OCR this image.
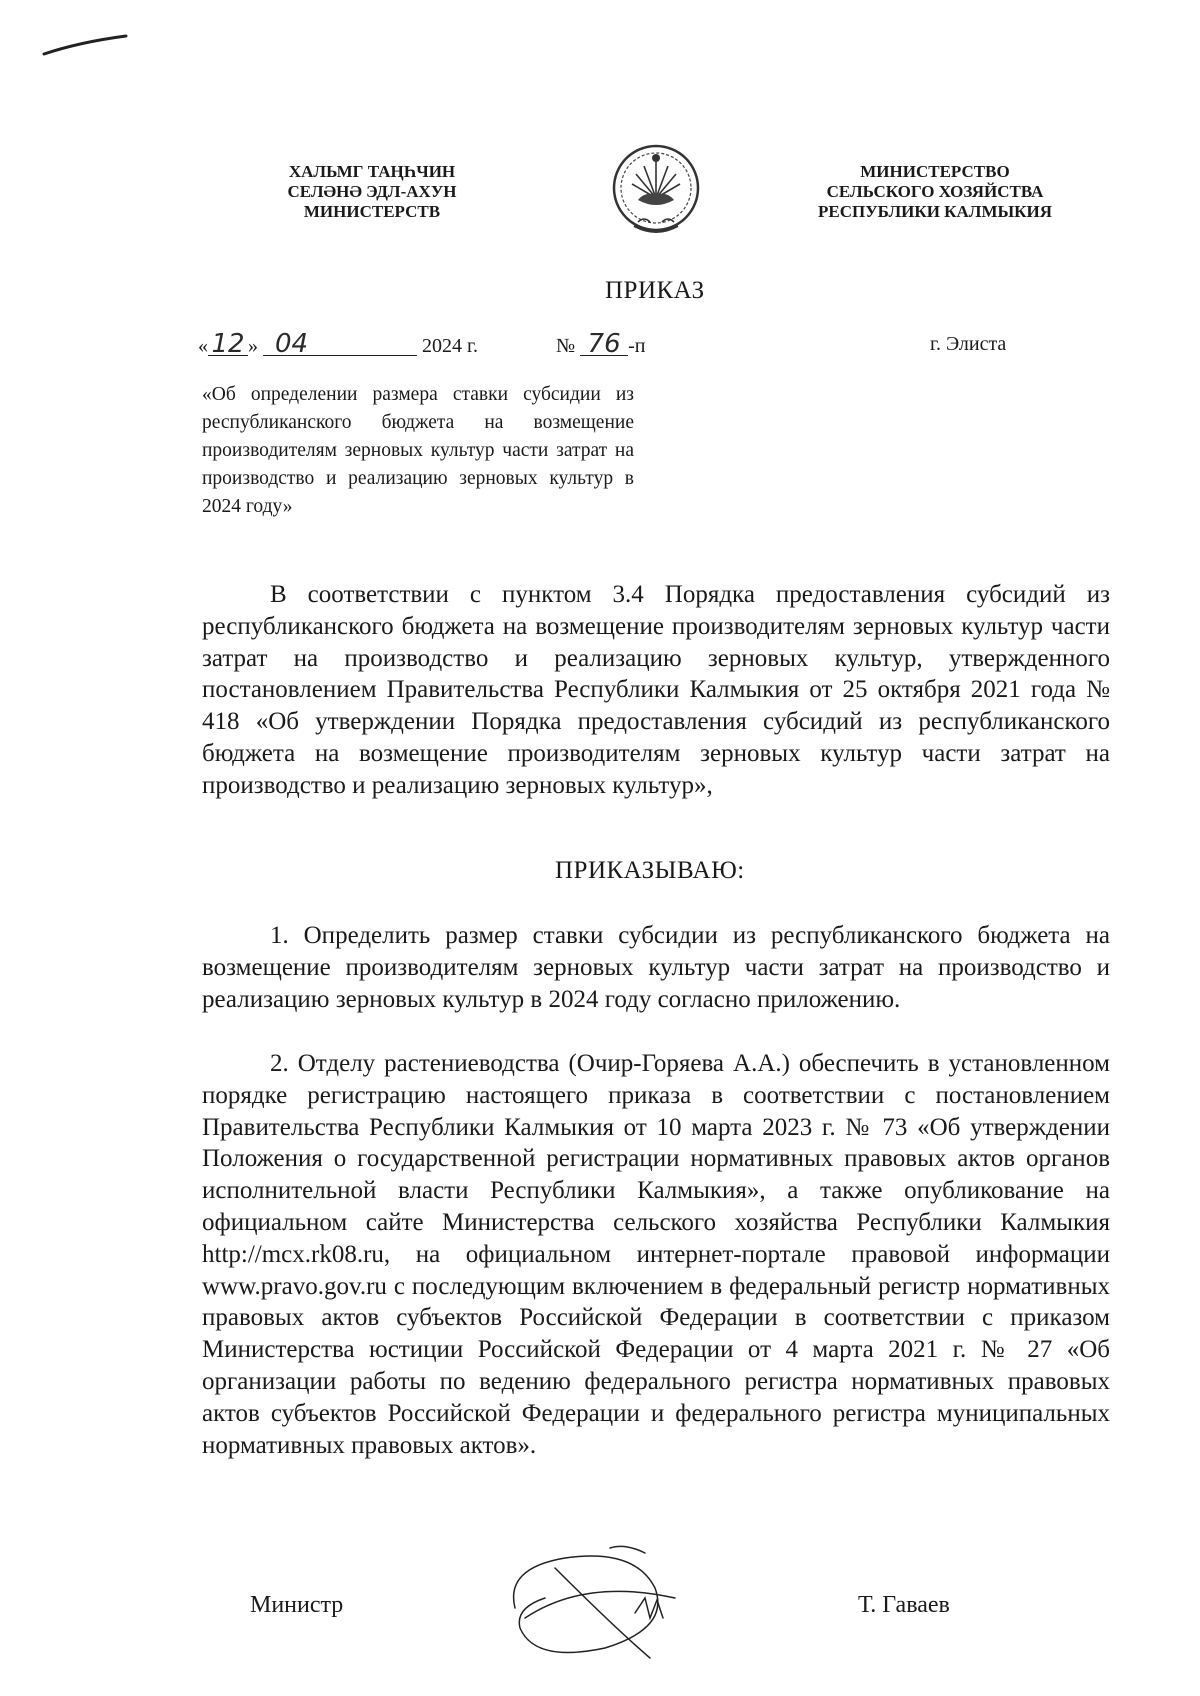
ХАЛЬМГ ТАҢҺЧИН
СЕЛӘНӘ ЭДЛ-АХУН
МИНИСТЕРСТВ
МИНИСТЕРСТВО
СЕЛЬСКОГО ХОЗЯЙСТВА
РЕСПУБЛИКИ КАЛМЫКИЯ
ПРИКАЗ
« 12 » 04	2024 г.	№ 76 -п	г. Элиста
«Об определении размера ставки субсидии из республиканского бюджета на возмещение производителям зерновых культур части затрат на производство и реализацию зерновых культур в 2024 году»

В соответствии с пунктом 3.4 Порядка предоставления субсидий из республиканского бюджета на возмещение производителям зерновых культур части затрат на производство и реализацию зерновых культур, утвержденного постановлением Правительства Республики Калмыкия от 25 октября 2021 года № 418 «Об утверждении Порядка предоставления субсидий из республиканского бюджета на возмещение производителям зерновых культур части затрат на производство и реализацию зерновых культур»,

ПРИКАЗЫВАЮ:

1. Определить размер ставки субсидии из республиканского бюджета на возмещение производителям зерновых культур части затрат на производство и реализацию зерновых культур в 2024 году согласно приложению.

2. Отделу растениеводства (Очир-Горяева А.А.) обеспечить в установленном порядке регистрацию настоящего приказа в соответствии с постановлением Правительства Республики Калмыкия от 10 марта 2023 г. № 73 «Об утверждении Положения о государственной регистрации нормативных правовых актов органов исполнительной власти Республики Калмыкия», а также опубликование на официальном сайте Министерства сельского хозяйства Республики Калмыкия http://mcx.rk08.ru, на официальном интернет-портале правовой информации www.pravo.gov.ru с последующим включением в федеральный регистр нормативных правовых актов субъектов Российской Федерации в соответствии с приказом Министерства юстиции Российской Федерации от 4 марта 2021 г. № 27 «Об организации работы по ведению федерального регистра нормативных правовых актов субъектов Российской Федерации и федерального регистра муниципальных нормативных правовых актов».

Министр	Т. Гаваев
